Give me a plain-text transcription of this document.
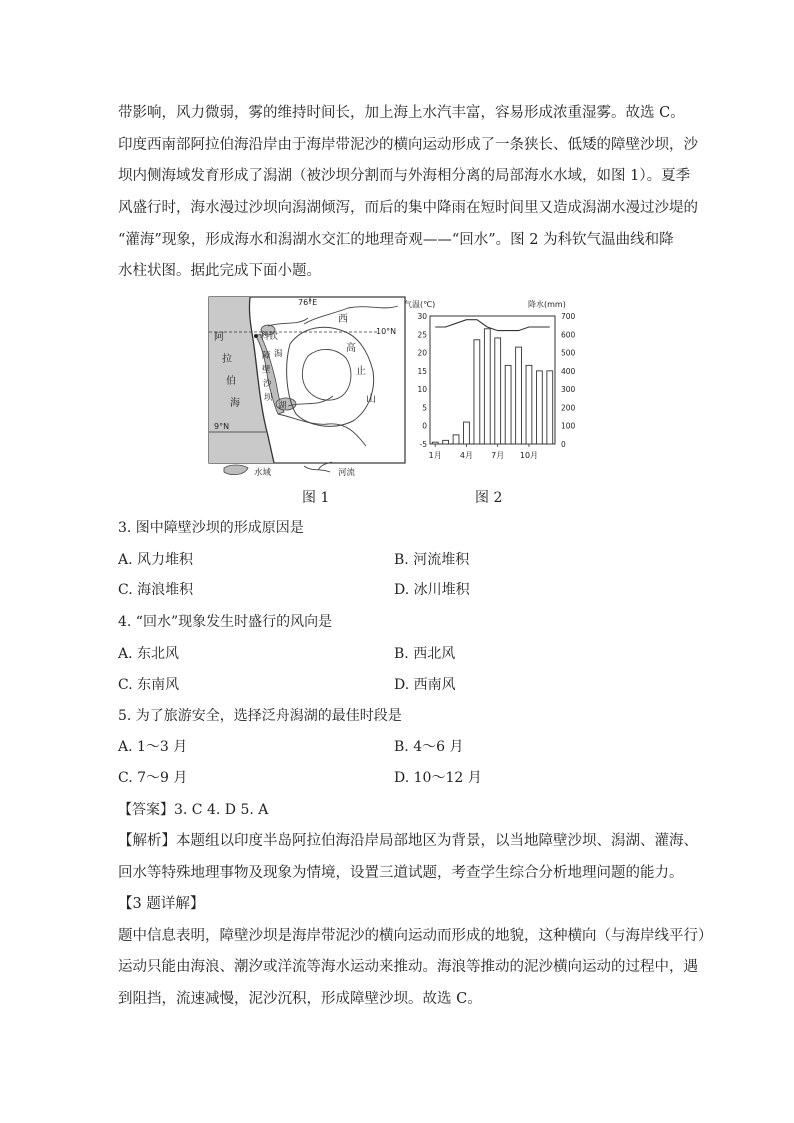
带影响，风力微弱，雾的维持时间长，加上海上水汽丰富，容易形成浓重湿雾。故选 C。
印度西南部阿拉伯海沿岸由于海岸带泥沙的横向运动形成了一条狭长、低矮的障壁沙坝，沙
坝内侧海域发育形成了潟湖（被沙坝分割而与外海相分离的局部海水水域，如图 1）。夏季
风盛行时，海水漫过沙坝向潟湖倾泻，而后的集中降雨在短时间里又造成潟湖水漫过沙堤的
“灌海”现象，形成海水和潟湖水交汇的地理奇观——“回水”。图 2 为科钦气温曲线和降
水柱状图。据此完成下面小题。
76°E
10°N
9°N
阿
拉
伯
海
科钦
障
壁
沙
坝
潟
湖
西
高
止
山
水域	河流
气温(℃)	降水(mm)
30
25
20
15
10
5
0
-5
700
600
500
400
300
200
100
0
1月 4月 7月 10月
图 1	图 2
3. 图中障壁沙坝的形成原因是
A. 风力堆积	B. 河流堆积
C. 海浪堆积	D. 冰川堆积
4. “回水”现象发生时盛行的风向是
A. 东北风	B. 西北风
C. 东南风	D. 西南风
5. 为了旅游安全，选择泛舟潟湖的最佳时段是
A. 1～3 月	B. 4～6 月
C. 7～9 月	D. 10～12 月
【答案】3. C 4. D 5. A
【解析】本题组以印度半岛阿拉伯海沿岸局部地区为背景，以当地障壁沙坝、潟湖、灌海、
回水等特殊地理事物及现象为情境，设置三道试题，考查学生综合分析地理问题的能力。
【3 题详解】
题中信息表明，障壁沙坝是海岸带泥沙的横向运动而形成的地貌，这种横向（与海岸线平行）
运动只能由海浪、潮汐或洋流等海水运动来推动。海浪等推动的泥沙横向运动的过程中，遇
到阻挡，流速减慢，泥沙沉积，形成障壁沙坝。故选 C。
